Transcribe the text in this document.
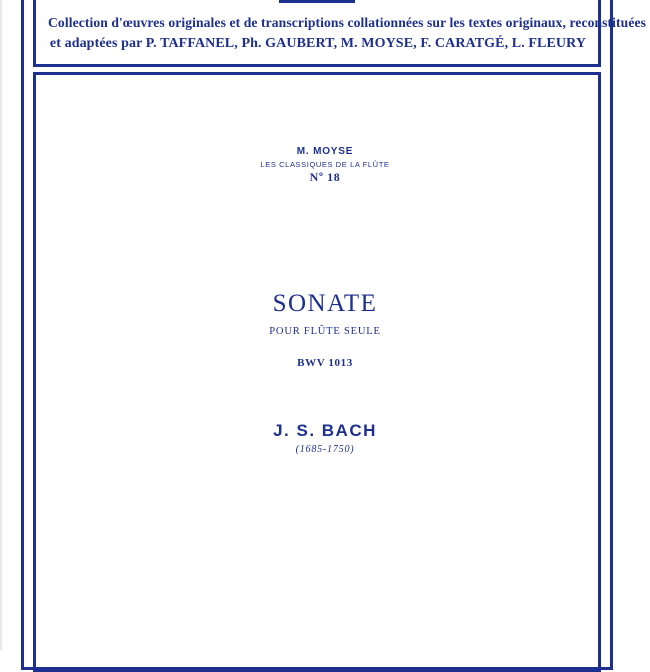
Collection d'œuvres originales et de transcriptions collationnées sur les textes originaux, reconstituées
et adaptées par P. TAFFANEL, Ph. GAUBERT, M. MOYSE, F. CARATGÉ, L. FLEURY
M. MOYSE
LES CLASSIQUES DE LA FLÛTE
Nº 18
SONATE
POUR FLÛTE SEULE
BWV 1013
J. S. BACH
(1685-1750)
